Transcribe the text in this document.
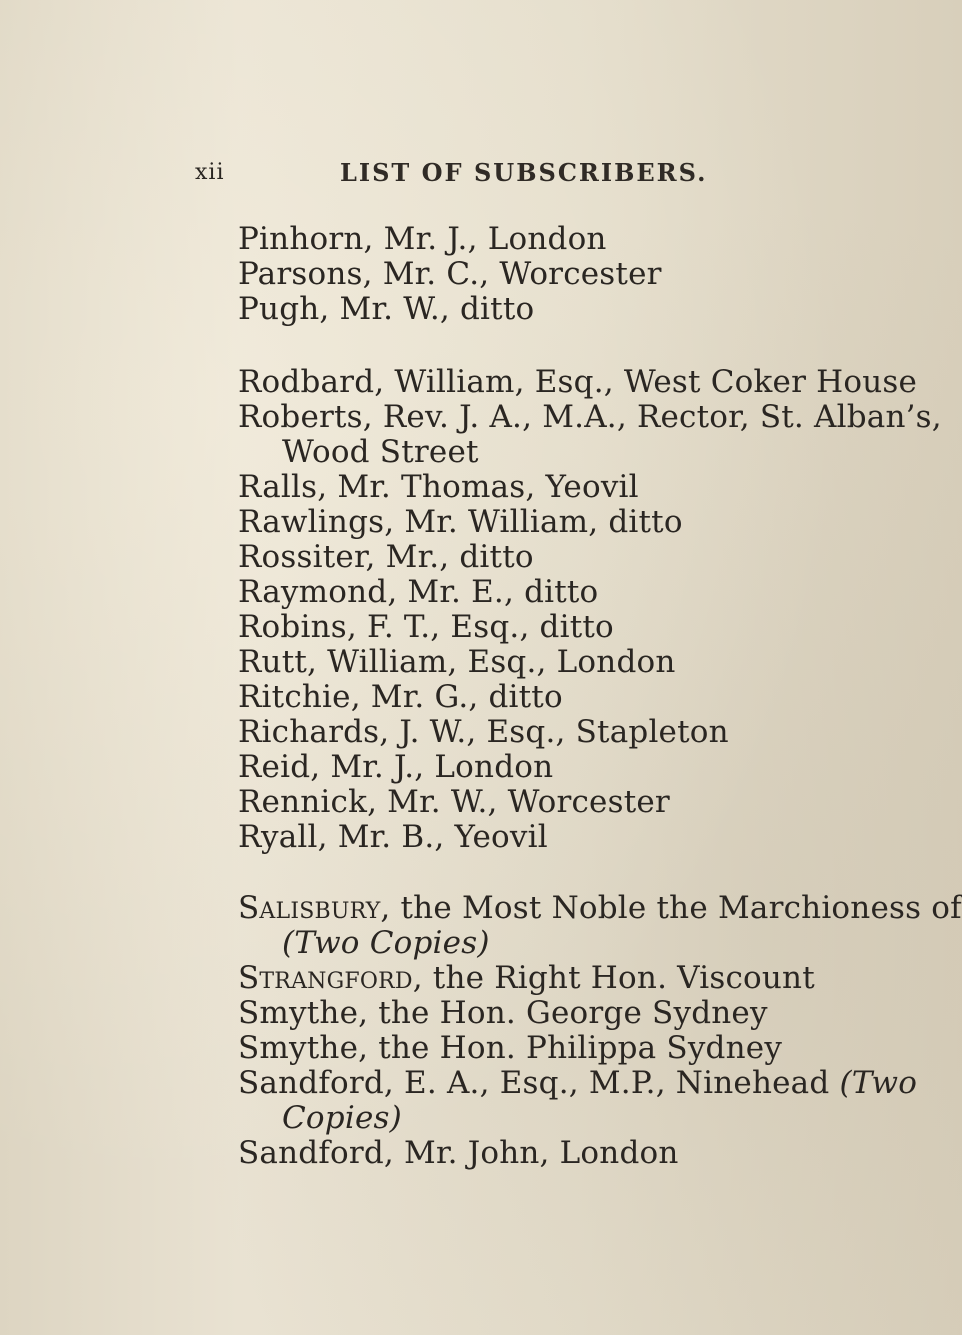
xii	LIST OF SUBSCRIBERS.
Pinhorn, Mr. J., London
Parsons, Mr. C., Worcester
Pugh, Mr. W., ditto
Rodbard, William, Esq., West Coker House
Roberts, Rev. J. A., M.A., Rector, St. Alban’s,
Wood Street
Ralls, Mr. Thomas, Yeovil
Rawlings, Mr. William, ditto
Rossiter, Mr., ditto
Raymond, Mr. E., ditto
Robins, F. T., Esq., ditto
Rutt, William, Esq., London
Ritchie, Mr. G., ditto
Richards, J. W., Esq., Stapleton
Reid, Mr. J., London
Rennick, Mr. W., Worcester
Ryall, Mr. B., Yeovil
Salisbury, the Most Noble the Marchioness of
(Two Copies)
Strangford, the Right Hon. Viscount
Smythe, the Hon. George Sydney
Smythe, the Hon. Philippa Sydney
Sandford, E. A., Esq., M.P., Ninehead (Two
Copies)
Sandford, Mr. John, London
